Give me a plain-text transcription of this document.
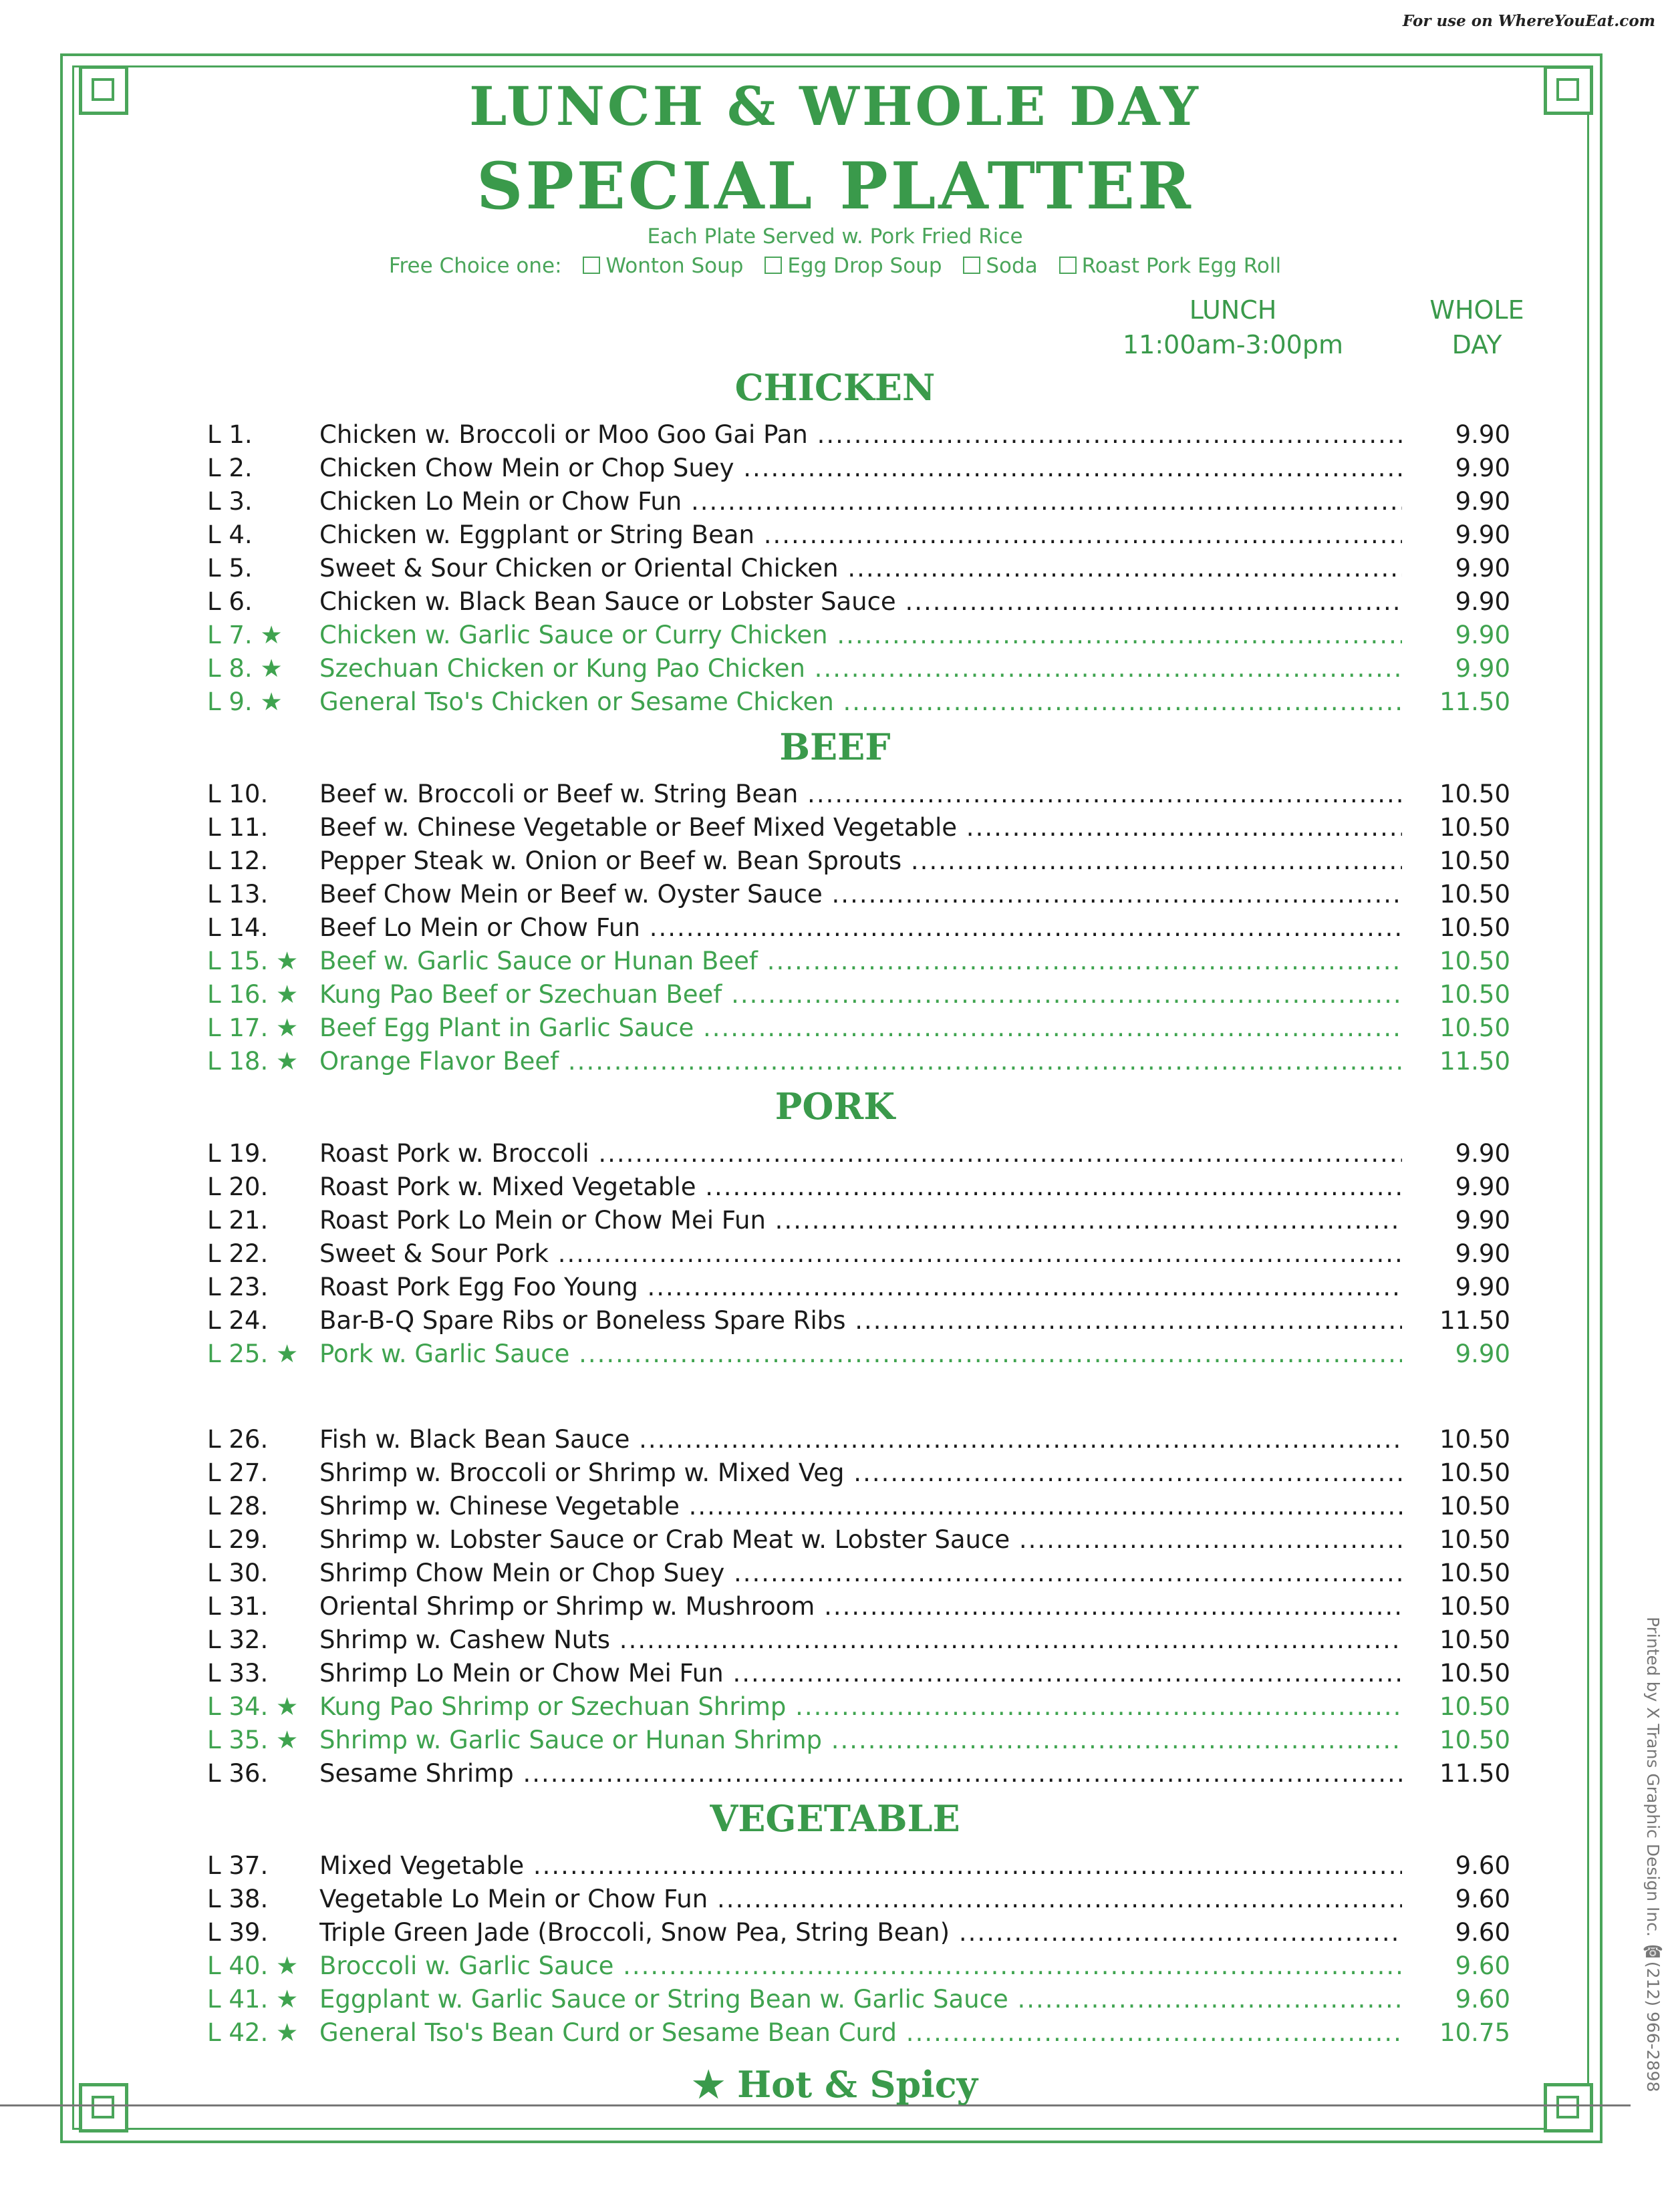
For use on WhereYouEat.com
LUNCH & WHOLE DAY
SPECIAL PLATTER
Each Plate Served w. Pork Fried Rice
Free Choice one: Wonton Soup Egg Drop Soup Soda Roast Pork Egg Roll
LUNCH
11:00am-3:00pm
WHOLE
DAY
CHICKEN
L 1.	Chicken w. Broccoli or Moo Goo Gai Pan .....	9.90
L 2.	Chicken Chow Mein or Chop Suey .....	9.90
L 3.	Chicken Lo Mein or Chow Fun .....	9.90
L 4.	Chicken w. Eggplant or String Bean .....	9.90
L 5.	Sweet & Sour Chicken or Oriental Chicken .....	9.90
L 6.	Chicken w. Black Bean Sauce or Lobster Sauce .....	9.90
L 7. ★	Chicken w. Garlic Sauce or Curry Chicken .....	9.90
L 8. ★	Szechuan Chicken or Kung Pao Chicken .....	9.90
L 9. ★	General Tso's Chicken or Sesame Chicken .....	11.50
BEEF
L 10.	Beef w. Broccoli or Beef w. String Bean .....	10.50
L 11.	Beef w. Chinese Vegetable or Beef Mixed Vegetable .....	10.50
L 12.	Pepper Steak w. Onion or Beef w. Bean Sprouts .....	10.50
L 13.	Beef Chow Mein or Beef w. Oyster Sauce .....	10.50
L 14.	Beef Lo Mein or Chow Fun .....	10.50
L 15. ★ Beef w. Garlic Sauce or Hunan Beef .....	10.50
L 16. ★ Kung Pao Beef or Szechuan Beef .....	10.50
L 17. ★ Beef Egg Plant in Garlic Sauce .....	10.50
L 18. ★ Orange Flavor Beef .....	11.50
PORK
L 19.	Roast Pork w. Broccoli .....	9.90
L 20.	Roast Pork w. Mixed Vegetable .....	9.90
L 21.	Roast Pork Lo Mein or Chow Mei Fun .....	9.90
L 22.	Sweet & Sour Pork .....	9.90
L 23.	Roast Pork Egg Foo Young .....	9.90
L 24.	Bar-B-Q Spare Ribs or Boneless Spare Ribs .....	11.50
L 25. ★ Pork w. Garlic Sauce .....	9.90
L 26.	Fish w. Black Bean Sauce .....	10.50
L 27.	Shrimp w. Broccoli or Shrimp w. Mixed Veg .....	10.50
L 28.	Shrimp w. Chinese Vegetable .....	10.50
L 29.	Shrimp w. Lobster Sauce or Crab Meat w. Lobster Sauce .....	10.50
L 30.	Shrimp Chow Mein or Chop Suey .....	10.50
L 31.	Oriental Shrimp or Shrimp w. Mushroom .....	10.50
L 32.	Shrimp w. Cashew Nuts .....	10.50
L 33.	Shrimp Lo Mein or Chow Mei Fun .....	10.50
L 34. ★ Kung Pao Shrimp or Szechuan Shrimp .....	10.50
L 35. ★ Shrimp w. Garlic Sauce or Hunan Shrimp .....	10.50
L 36.	Sesame Shrimp .....	11.50
VEGETABLE
L 37.	Mixed Vegetable .....	9.60
L 38.	Vegetable Lo Mein or Chow Fun .....	9.60
L 39.	Triple Green Jade (Broccoli, Snow Pea, String Bean) .....	9.60
L 40. ★ Broccoli w. Garlic Sauce .....	9.60
L 41. ★ Eggplant w. Garlic Sauce or String Bean w. Garlic Sauce .....	9.60
L 42. ★ General Tso's Bean Curd or Sesame Bean Curd .....	10.75
★ Hot & Spicy	Printed by X Trans Graphic Design Inc. ☎(212) 966-2898
